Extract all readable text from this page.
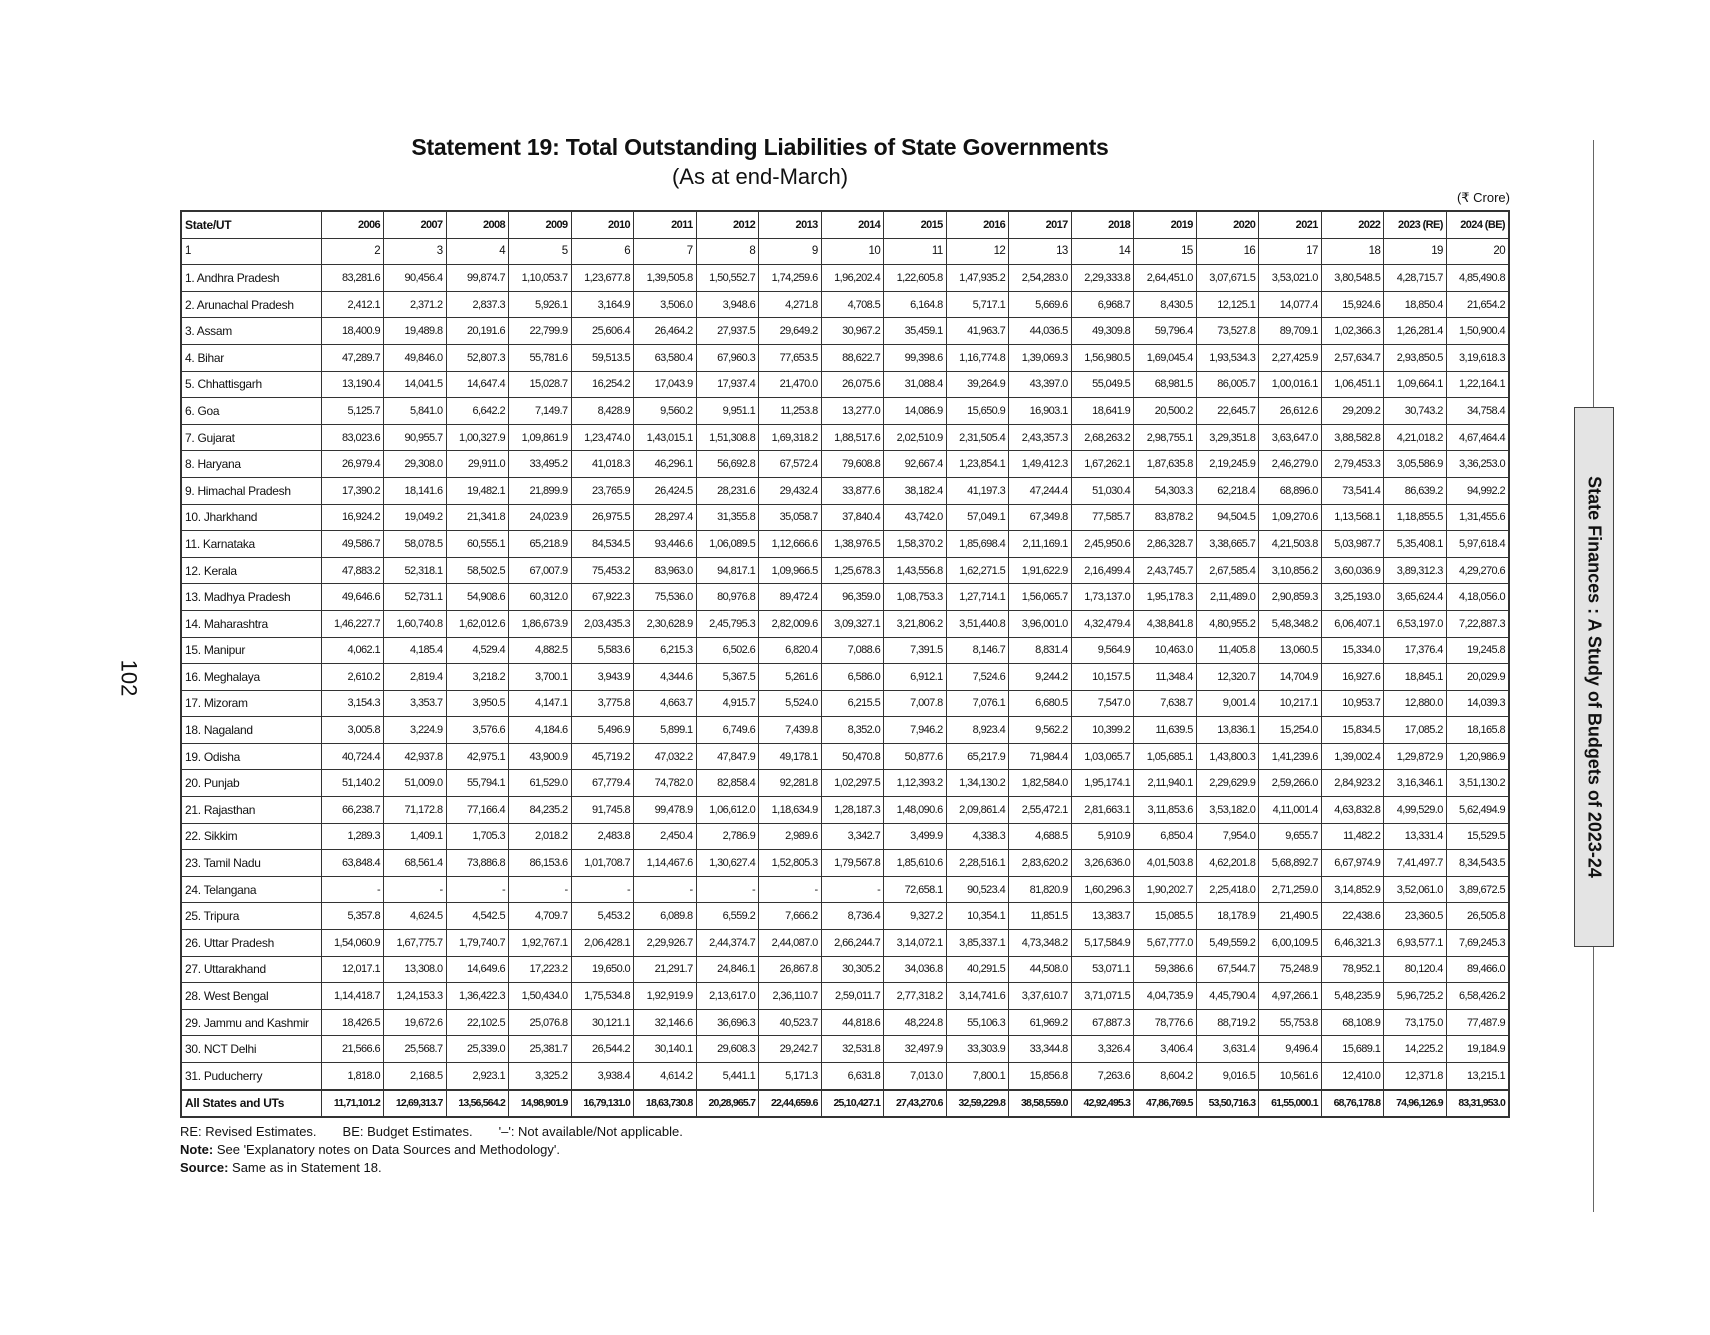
Statement 19: Total Outstanding Liabilities of State Governments
(As at end-March)
(₹ Crore)
State/UT	2006	2007	2008	2009	2010	2011	2012	2013	2014	2015	2016	2017	2018	2019	2020	2021	2022	2023 (RE)	2024 (BE)
1	2	3	4	5	6	7	8	9	10	11	12	13	14	15	16	17	18	19	20
1. Andhra Pradesh	83,281.6	90,456.4	99,874.7	1,10,053.7	1,23,677.8	1,39,505.8	1,50,552.7	1,74,259.6	1,96,202.4	1,22,605.8	1,47,935.2	2,54,283.0	2,29,333.8	2,64,451.0	3,07,671.5	3,53,021.0	3,80,548.5	4,28,715.7	4,85,490.8
2. Arunachal Pradesh	2,412.1	2,371.2	2,837.3	5,926.1	3,164.9	3,506.0	3,948.6	4,271.8	4,708.5	6,164.8	5,717.1	5,669.6	6,968.7	8,430.5	12,125.1	14,077.4	15,924.6	18,850.4	21,654.2
3. Assam	18,400.9	19,489.8	20,191.6	22,799.9	25,606.4	26,464.2	27,937.5	29,649.2	30,967.2	35,459.1	41,963.7	44,036.5	49,309.8	59,796.4	73,527.8	89,709.1	1,02,366.3	1,26,281.4	1,50,900.4
4. Bihar	47,289.7	49,846.0	52,807.3	55,781.6	59,513.5	63,580.4	67,960.3	77,653.5	88,622.7	99,398.6	1,16,774.8	1,39,069.3	1,56,980.5	1,69,045.4	1,93,534.3	2,27,425.9	2,57,634.7	2,93,850.5	3,19,618.3
5. Chhattisgarh	13,190.4	14,041.5	14,647.4	15,028.7	16,254.2	17,043.9	17,937.4	21,470.0	26,075.6	31,088.4	39,264.9	43,397.0	55,049.5	68,981.5	86,005.7	1,00,016.1	1,06,451.1	1,09,664.1	1,22,164.1
6. Goa	5,125.7	5,841.0	6,642.2	7,149.7	8,428.9	9,560.2	9,951.1	11,253.8	13,277.0	14,086.9	15,650.9	16,903.1	18,641.9	20,500.2	22,645.7	26,612.6	29,209.2	30,743.2	34,758.4
7. Gujarat	83,023.6	90,955.7	1,00,327.9	1,09,861.9	1,23,474.0	1,43,015.1	1,51,308.8	1,69,318.2	1,88,517.6	2,02,510.9	2,31,505.4	2,43,357.3	2,68,263.2	2,98,755.1	3,29,351.8	3,63,647.0	3,88,582.8	4,21,018.2	4,67,464.4
8. Haryana	26,979.4	29,308.0	29,911.0	33,495.2	41,018.3	46,296.1	56,692.8	67,572.4	79,608.8	92,667.4	1,23,854.1	1,49,412.3	1,67,262.1	1,87,635.8	2,19,245.9	2,46,279.0	2,79,453.3	3,05,586.9	3,36,253.0
9. Himachal Pradesh	17,390.2	18,141.6	19,482.1	21,899.9	23,765.9	26,424.5	28,231.6	29,432.4	33,877.6	38,182.4	41,197.3	47,244.4	51,030.4	54,303.3	62,218.4	68,896.0	73,541.4	86,639.2	94,992.2
10. Jharkhand	16,924.2	19,049.2	21,341.8	24,023.9	26,975.5	28,297.4	31,355.8	35,058.7	37,840.4	43,742.0	57,049.1	67,349.8	77,585.7	83,878.2	94,504.5	1,09,270.6	1,13,568.1	1,18,855.5	1,31,455.6
11. Karnataka	49,586.7	58,078.5	60,555.1	65,218.9	84,534.5	93,446.6	1,06,089.5	1,12,666.6	1,38,976.5	1,58,370.2	1,85,698.4	2,11,169.1	2,45,950.6	2,86,328.7	3,38,665.7	4,21,503.8	5,03,987.7	5,35,408.1	5,97,618.4
12. Kerala	47,883.2	52,318.1	58,502.5	67,007.9	75,453.2	83,963.0	94,817.1	1,09,966.5	1,25,678.3	1,43,556.8	1,62,271.5	1,91,622.9	2,16,499.4	2,43,745.7	2,67,585.4	3,10,856.2	3,60,036.9	3,89,312.3	4,29,270.6
13. Madhya Pradesh	49,646.6	52,731.1	54,908.6	60,312.0	67,922.3	75,536.0	80,976.8	89,472.4	96,359.0	1,08,753.3	1,27,714.1	1,56,065.7	1,73,137.0	1,95,178.3	2,11,489.0	2,90,859.3	3,25,193.0	3,65,624.4	4,18,056.0
14. Maharashtra	1,46,227.7	1,60,740.8	1,62,012.6	1,86,673.9	2,03,435.3	2,30,628.9	2,45,795.3	2,82,009.6	3,09,327.1	3,21,806.2	3,51,440.8	3,96,001.0	4,32,479.4	4,38,841.8	4,80,955.2	5,48,348.2	6,06,407.1	6,53,197.0	7,22,887.3
15. Manipur	4,062.1	4,185.4	4,529.4	4,882.5	5,583.6	6,215.3	6,502.6	6,820.4	7,088.6	7,391.5	8,146.7	8,831.4	9,564.9	10,463.0	11,405.8	13,060.5	15,334.0	17,376.4	19,245.8
16. Meghalaya	2,610.2	2,819.4	3,218.2	3,700.1	3,943.9	4,344.6	5,367.5	5,261.6	6,586.0	6,912.1	7,524.6	9,244.2	10,157.5	11,348.4	12,320.7	14,704.9	16,927.6	18,845.1	20,029.9
17. Mizoram	3,154.3	3,353.7	3,950.5	4,147.1	3,775.8	4,663.7	4,915.7	5,524.0	6,215.5	7,007.8	7,076.1	6,680.5	7,547.0	7,638.7	9,001.4	10,217.1	10,953.7	12,880.0	14,039.3
18. Nagaland	3,005.8	3,224.9	3,576.6	4,184.6	5,496.9	5,899.1	6,749.6	7,439.8	8,352.0	7,946.2	8,923.4	9,562.2	10,399.2	11,639.5	13,836.1	15,254.0	15,834.5	17,085.2	18,165.8
19. Odisha	40,724.4	42,937.8	42,975.1	43,900.9	45,719.2	47,032.2	47,847.9	49,178.1	50,470.8	50,877.6	65,217.9	71,984.4	1,03,065.7	1,05,685.1	1,43,800.3	1,41,239.6	1,39,002.4	1,29,872.9	1,20,986.9
20. Punjab	51,140.2	51,009.0	55,794.1	61,529.0	67,779.4	74,782.0	82,858.4	92,281.8	1,02,297.5	1,12,393.2	1,34,130.2	1,82,584.0	1,95,174.1	2,11,940.1	2,29,629.9	2,59,266.0	2,84,923.2	3,16,346.1	3,51,130.2
21. Rajasthan	66,238.7	71,172.8	77,166.4	84,235.2	91,745.8	99,478.9	1,06,612.0	1,18,634.9	1,28,187.3	1,48,090.6	2,09,861.4	2,55,472.1	2,81,663.1	3,11,853.6	3,53,182.0	4,11,001.4	4,63,832.8	4,99,529.0	5,62,494.9
22. Sikkim	1,289.3	1,409.1	1,705.3	2,018.2	2,483.8	2,450.4	2,786.9	2,989.6	3,342.7	3,499.9	4,338.3	4,688.5	5,910.9	6,850.4	7,954.0	9,655.7	11,482.2	13,331.4	15,529.5
23. Tamil Nadu	63,848.4	68,561.4	73,886.8	86,153.6	1,01,708.7	1,14,467.6	1,30,627.4	1,52,805.3	1,79,567.8	1,85,610.6	2,28,516.1	2,83,620.2	3,26,636.0	4,01,503.8	4,62,201.8	5,68,892.7	6,67,974.9	7,41,497.7	8,34,543.5
24. Telangana	-	-	-	-	-	-	-	-	-	72,658.1	90,523.4	81,820.9	1,60,296.3	1,90,202.7	2,25,418.0	2,71,259.0	3,14,852.9	3,52,061.0	3,89,672.5
25. Tripura	5,357.8	4,624.5	4,542.5	4,709.7	5,453.2	6,089.8	6,559.2	7,666.2	8,736.4	9,327.2	10,354.1	11,851.5	13,383.7	15,085.5	18,178.9	21,490.5	22,438.6	23,360.5	26,505.8
26. Uttar Pradesh	1,54,060.9	1,67,775.7	1,79,740.7	1,92,767.1	2,06,428.1	2,29,926.7	2,44,374.7	2,44,087.0	2,66,244.7	3,14,072.1	3,85,337.1	4,73,348.2	5,17,584.9	5,67,777.0	5,49,559.2	6,00,109.5	6,46,321.3	6,93,577.1	7,69,245.3
27. Uttarakhand	12,017.1	13,308.0	14,649.6	17,223.2	19,650.0	21,291.7	24,846.1	26,867.8	30,305.2	34,036.8	40,291.5	44,508.0	53,071.1	59,386.6	67,544.7	75,248.9	78,952.1	80,120.4	89,466.0
28. West Bengal	1,14,418.7	1,24,153.3	1,36,422.3	1,50,434.0	1,75,534.8	1,92,919.9	2,13,617.0	2,36,110.7	2,59,011.7	2,77,318.2	3,14,741.6	3,37,610.7	3,71,071.5	4,04,735.9	4,45,790.4	4,97,266.1	5,48,235.9	5,96,725.2	6,58,426.2
29. Jammu and Kashmir	18,426.5	19,672.6	22,102.5	25,076.8	30,121.1	32,146.6	36,696.3	40,523.7	44,818.6	48,224.8	55,106.3	61,969.2	67,887.3	78,776.6	88,719.2	55,753.8	68,108.9	73,175.0	77,487.9
30. NCT Delhi	21,566.6	25,568.7	25,339.0	25,381.7	26,544.2	30,140.1	29,608.3	29,242.7	32,531.8	32,497.9	33,303.9	33,344.8	3,326.4	3,406.4	3,631.4	9,496.4	15,689.1	14,225.2	19,184.9
31. Puducherry	1,818.0	2,168.5	2,923.1	3,325.2	3,938.4	4,614.2	5,441.1	5,171.3	6,631.8	7,013.0	7,800.1	15,856.8	7,263.6	8,604.2	9,016.5	10,561.6	12,410.0	12,371.8	13,215.1
All States and UTs	11,71,101.2	12,69,313.7	13,56,564.2	14,98,901.9	16,79,131.0	18,63,730.8	20,28,965.7	22,44,659.6	25,10,427.1	27,43,270.6	32,59,229.8	38,58,559.0	42,92,495.3	47,86,769.5	53,50,716.3	61,55,000.1	68,76,178.8	74,96,126.9	83,31,953.0
RE: Revised Estimates. BE: Budget Estimates. '–': Not available/Not applicable.
Note: See 'Explanatory notes on Data Sources and Methodology'.
Source: Same as in Statement 18.
102	State Finances : A Study of Budgets of 2023-24
